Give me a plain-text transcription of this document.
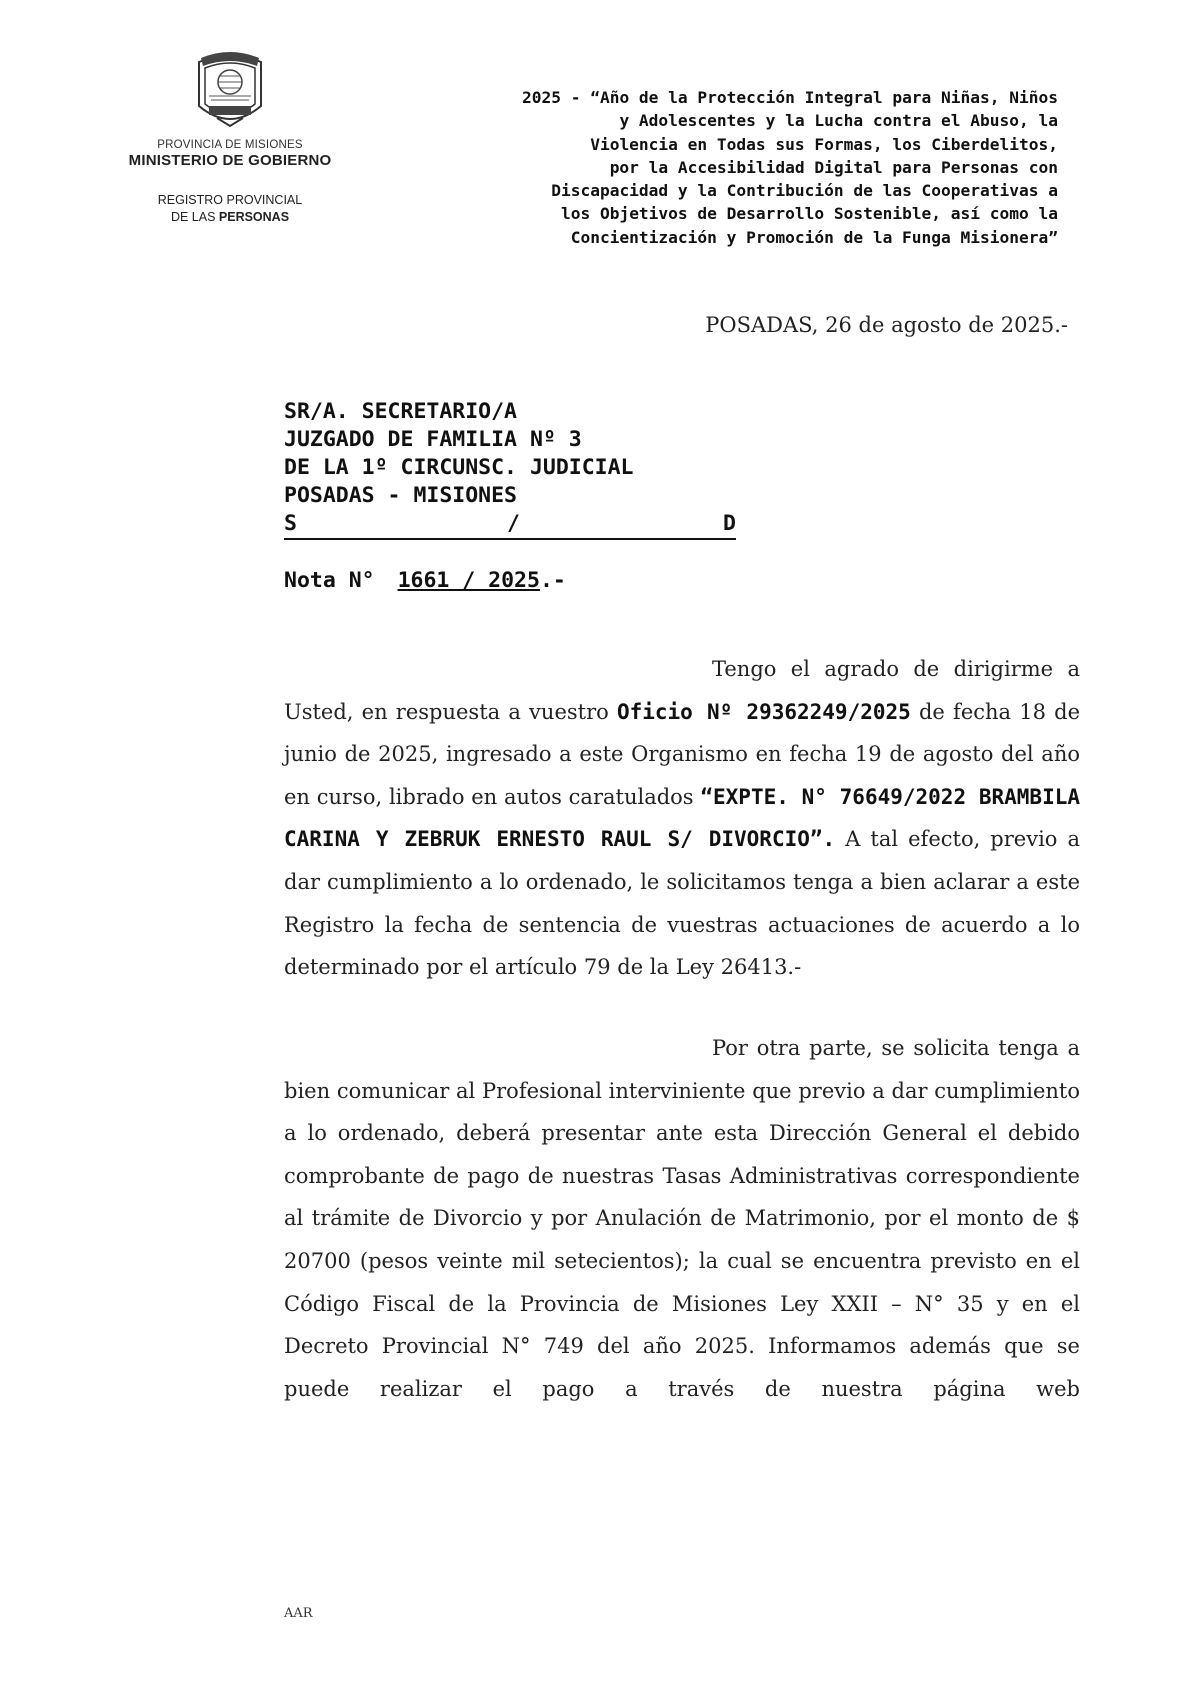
PROVINCIA DE MISIONES
MINISTERIO DE GOBIERNO
REGISTRO PROVINCIAL
DE LAS PERSONAS
2025 - “Año de la Protección Integral para Niñas, Niños
y Adolescentes y la Lucha contra el Abuso, la
Violencia en Todas sus Formas, los Ciberdelitos,
por la Accesibilidad Digital para Personas con
Discapacidad y la Contribución de las Cooperativas a
los Objetivos de Desarrollo Sostenible, así como la
Concientización y Promoción de la Funga Misionera”
POSADAS, 26 de agosto de 2025.-
SR/A. SECRETARIO/A
JUZGADO DE FAMILIA Nº 3
DE LA 1º CIRCUNSC. JUDICIAL
POSADAS - MISIONES
S	/	D
Nota N° 1661 / 2025.-

Tengo el agrado de dirigirme a Usted, en respuesta a vuestro Oficio Nº 29362249/2025 de fecha 18 de junio de 2025, ingresado a este Organismo en fecha 19 de agosto del año en curso, librado en autos caratulados “EXPTE. N° 76649/2022 BRAMBILA CARINA Y ZEBRUK ERNESTO RAUL S/ DIVORCIO”. A tal efecto, previo a dar cumplimiento a lo ordenado, le solicitamos tenga a bien aclarar a este Registro la fecha de sentencia de vuestras actuaciones de acuerdo a lo determinado por el artículo 79 de la Ley 26413.-

Por otra parte, se solicita tenga a bien comunicar al Profesional interviniente que previo a dar cumplimiento a lo ordenado, deberá presentar ante esta Dirección General el debido comprobante de pago de nuestras Tasas Administrativas correspondiente al trámite de Divorcio y por Anulación de Matrimonio, por el monto de $ 20700 (pesos veinte mil setecientos); la cual se encuentra previsto en el Código Fiscal de la Provincia de Misiones Ley XXII – N° 35 y en el Decreto Provincial N° 749 del año 2025. Informamos además que se puede realizar el pago a través de nuestra página web

AAR
